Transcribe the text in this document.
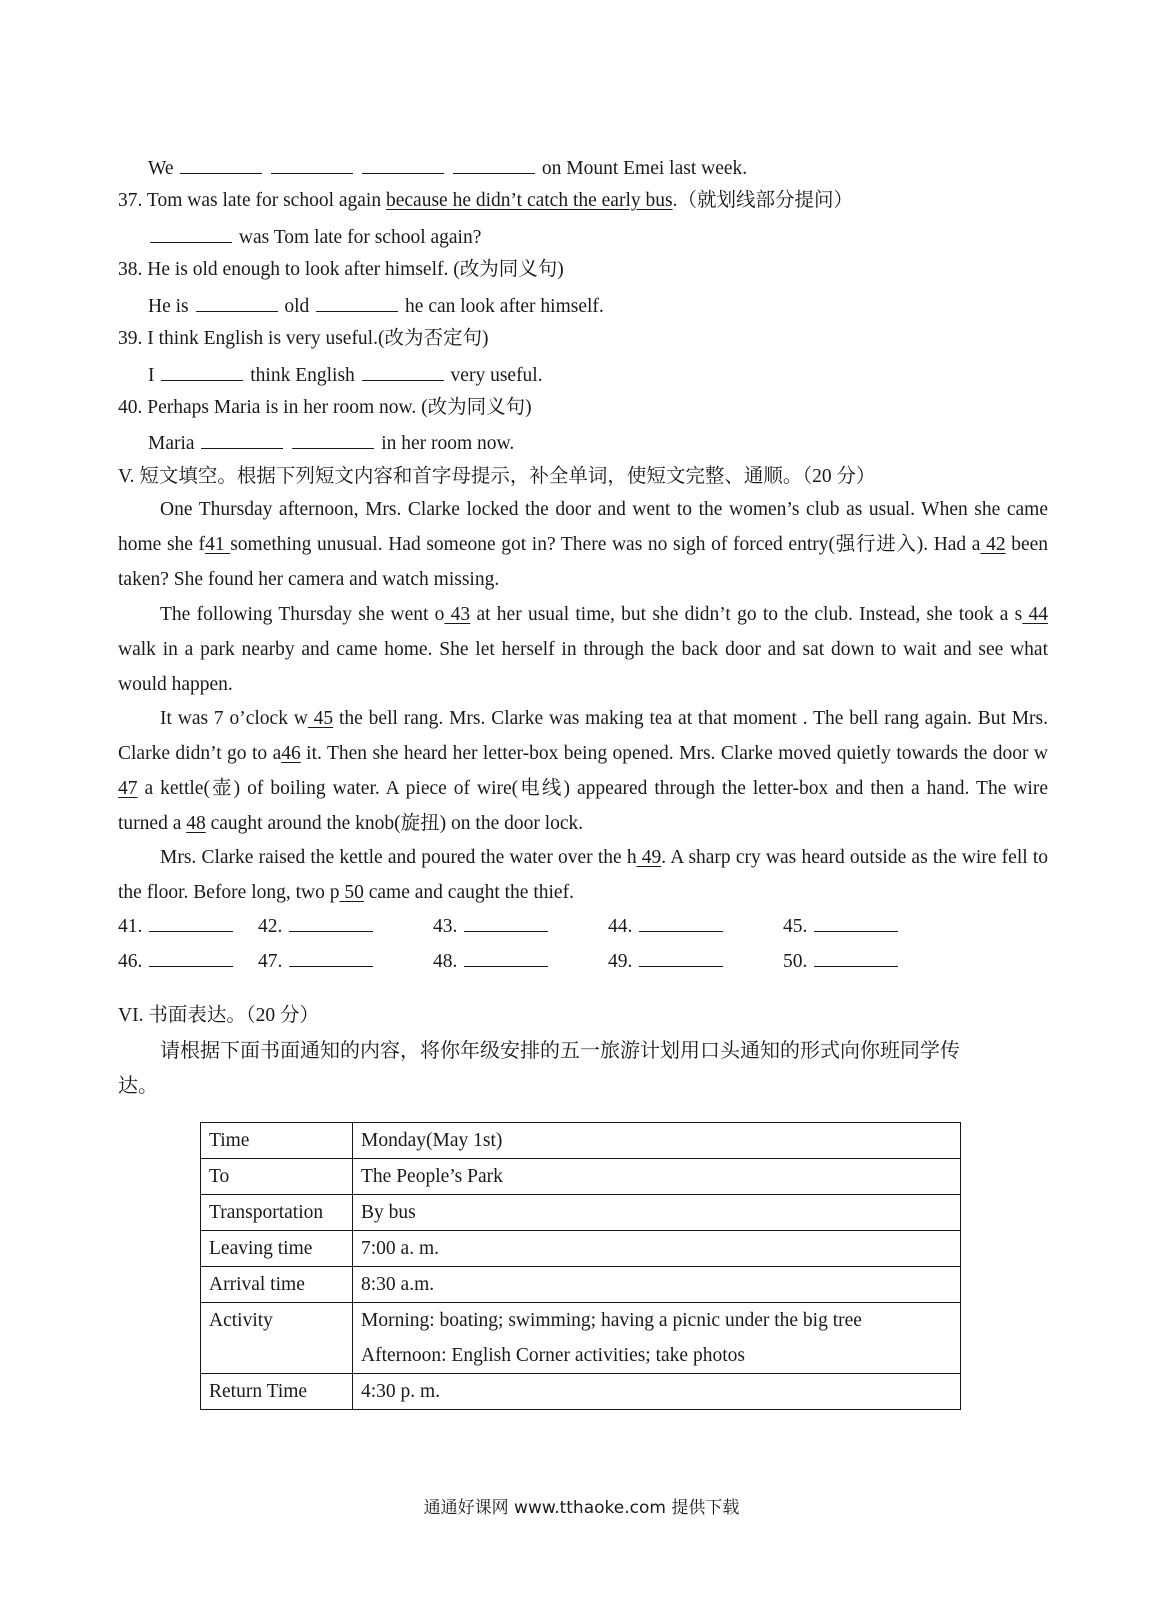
We	on Mount Emei last week.
37. Tom was late for school again because he didn’t catch the early bus.（就划线部分提问）
was Tom late for school again?
38. He is old enough to look after himself. (改为同义句)
He is	old	he can look after himself.
39. I think English is very useful.(改为否定句)
I	think English	very useful.
40. Perhaps Maria is in her room now. (改为同义句)
Maria	in her room now.
V. 短文填空。根据下列短文内容和首字母提示，补全单词，使短文完整、通顺。（20 分）
One Thursday afternoon, Mrs. Clarke locked the door and went to the women’s club as usual. When she came home she f41 something unusual. Had someone got in? There was no sigh of forced entry(强行进入). Had a 42 been taken? She found her camera and watch missing.
The following Thursday she went o 43 at her usual time, but she didn’t go to the club. Instead, she took a s 44 walk in a park nearby and came home. She let herself in through the back door and sat down to wait and see what would happen.
It was 7 o’clock w 45 the bell rang. Mrs. Clarke was making tea at that moment . The bell rang again. But Mrs. Clarke didn’t go to a46 it. Then she heard her letter-box being opened. Mrs. Clarke moved quietly towards the door w 47 a kettle(壶) of boiling water. A piece of wire(电线) appeared through the letter-box and then a hand. The wire turned a 48 caught around the knob(旋扭) on the door lock.
Mrs. Clarke raised the kettle and poured the water over the h 49. A sharp cry was heard outside as the wire fell to the floor. Before long, two p 50 came and caught the thief.
41.	42.	43.	44.	45.
46.	47.	48.	49.	50.
VI. 书面表达。（20 分）
请根据下面书面通知的内容，将你年级安排的五一旅游计划用口头通知的形式向你班同学传
达。
Time	Monday(May 1st)
To	The People’s Park
Transportation	By bus
Leaving time	7:00 a. m.
Arrival time	8:30 a.m.
Activity	Morning: boating; swimming; having a picnic under the big tree
Afternoon: English Corner activities; take photos

Return Time	4:30 p. m.
通通好课网 www.tthaoke.com 提供下载
